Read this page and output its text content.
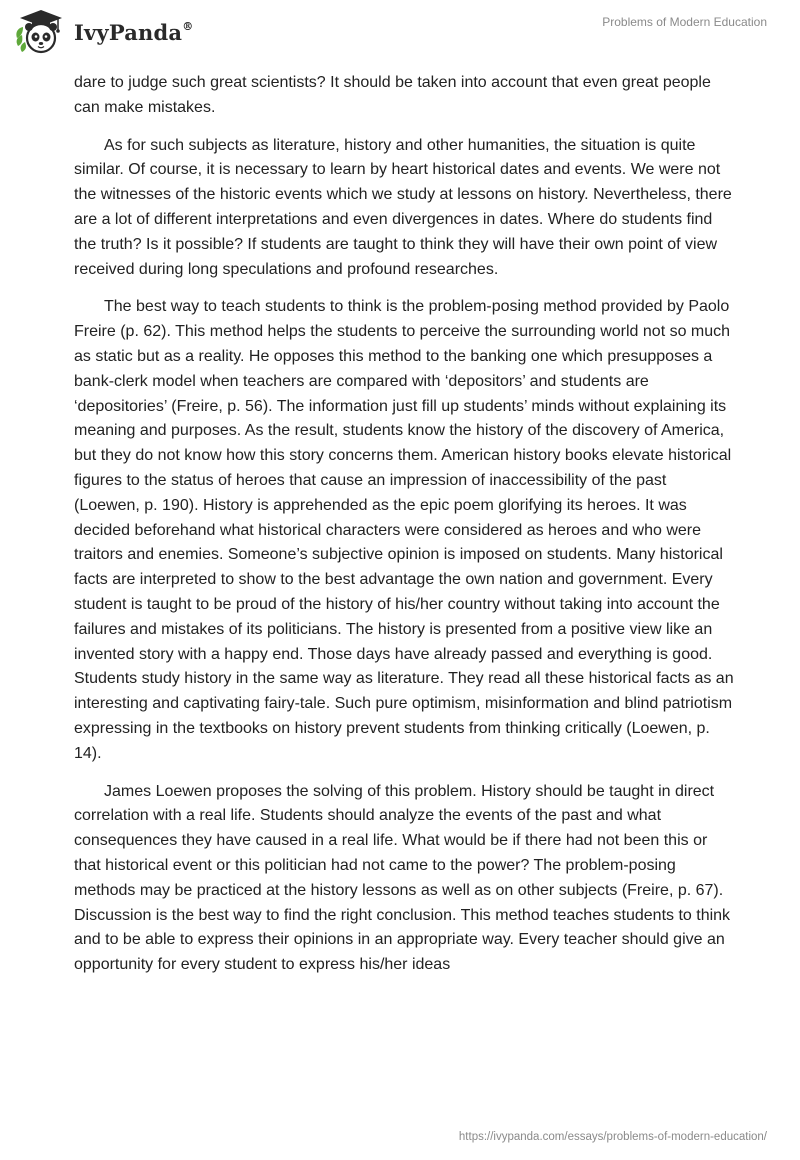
IvyPanda®	Problems of Modern Education

dare to judge such great scientists? It should be taken into account that even great people can make mistakes.

As for such subjects as literature, history and other humanities, the situation is quite similar. Of course, it is necessary to learn by heart historical dates and events. We were not the witnesses of the historic events which we study at lessons on history. Nevertheless, there are a lot of different interpretations and even divergences in dates. Where do students find the truth? Is it possible? If students are taught to think they will have their own point of view received during long speculations and profound researches.

The best way to teach students to think is the problem-posing method provided by Paolo Freire (p. 62). This method helps the students to perceive the surrounding world not so much as static but as a reality. He opposes this method to the banking one which presupposes a bank-clerk model when teachers are compared with ‘depositors’ and students are ‘depositories’ (Freire, p. 56). The information just fill up students’ minds without explaining its meaning and purposes. As the result, students know the history of the discovery of America, but they do not know how this story concerns them. American history books elevate historical figures to the status of heroes that cause an impression of inaccessibility of the past (Loewen, p. 190). History is apprehended as the epic poem glorifying its heroes. It was decided beforehand what historical characters were considered as heroes and who were traitors and enemies. Someone’s subjective opinion is imposed on students. Many historical facts are interpreted to show to the best advantage the own nation and government. Every student is taught to be proud of the history of his/her country without taking into account the failures and mistakes of its politicians. The history is presented from a positive view like an invented story with a happy end. Those days have already passed and everything is good. Students study history in the same way as literature. They read all these historical facts as an interesting and captivating fairy-tale. Such pure optimism, misinformation and blind patriotism expressing in the textbooks on history prevent students from thinking critically (Loewen, p. 14).

James Loewen proposes the solving of this problem. History should be taught in direct correlation with a real life. Students should analyze the events of the past and what consequences they have caused in a real life. What would be if there had not been this or that historical event or this politician had not came to the power? The problem-posing methods may be practiced at the history lessons as well as on other subjects (Freire, p. 67). Discussion is the best way to find the right conclusion. This method teaches students to think and to be able to express their opinions in an appropriate way. Every teacher should give an opportunity for every student to express his/her ideas

https://ivypanda.com/essays/problems-of-modern-education/
